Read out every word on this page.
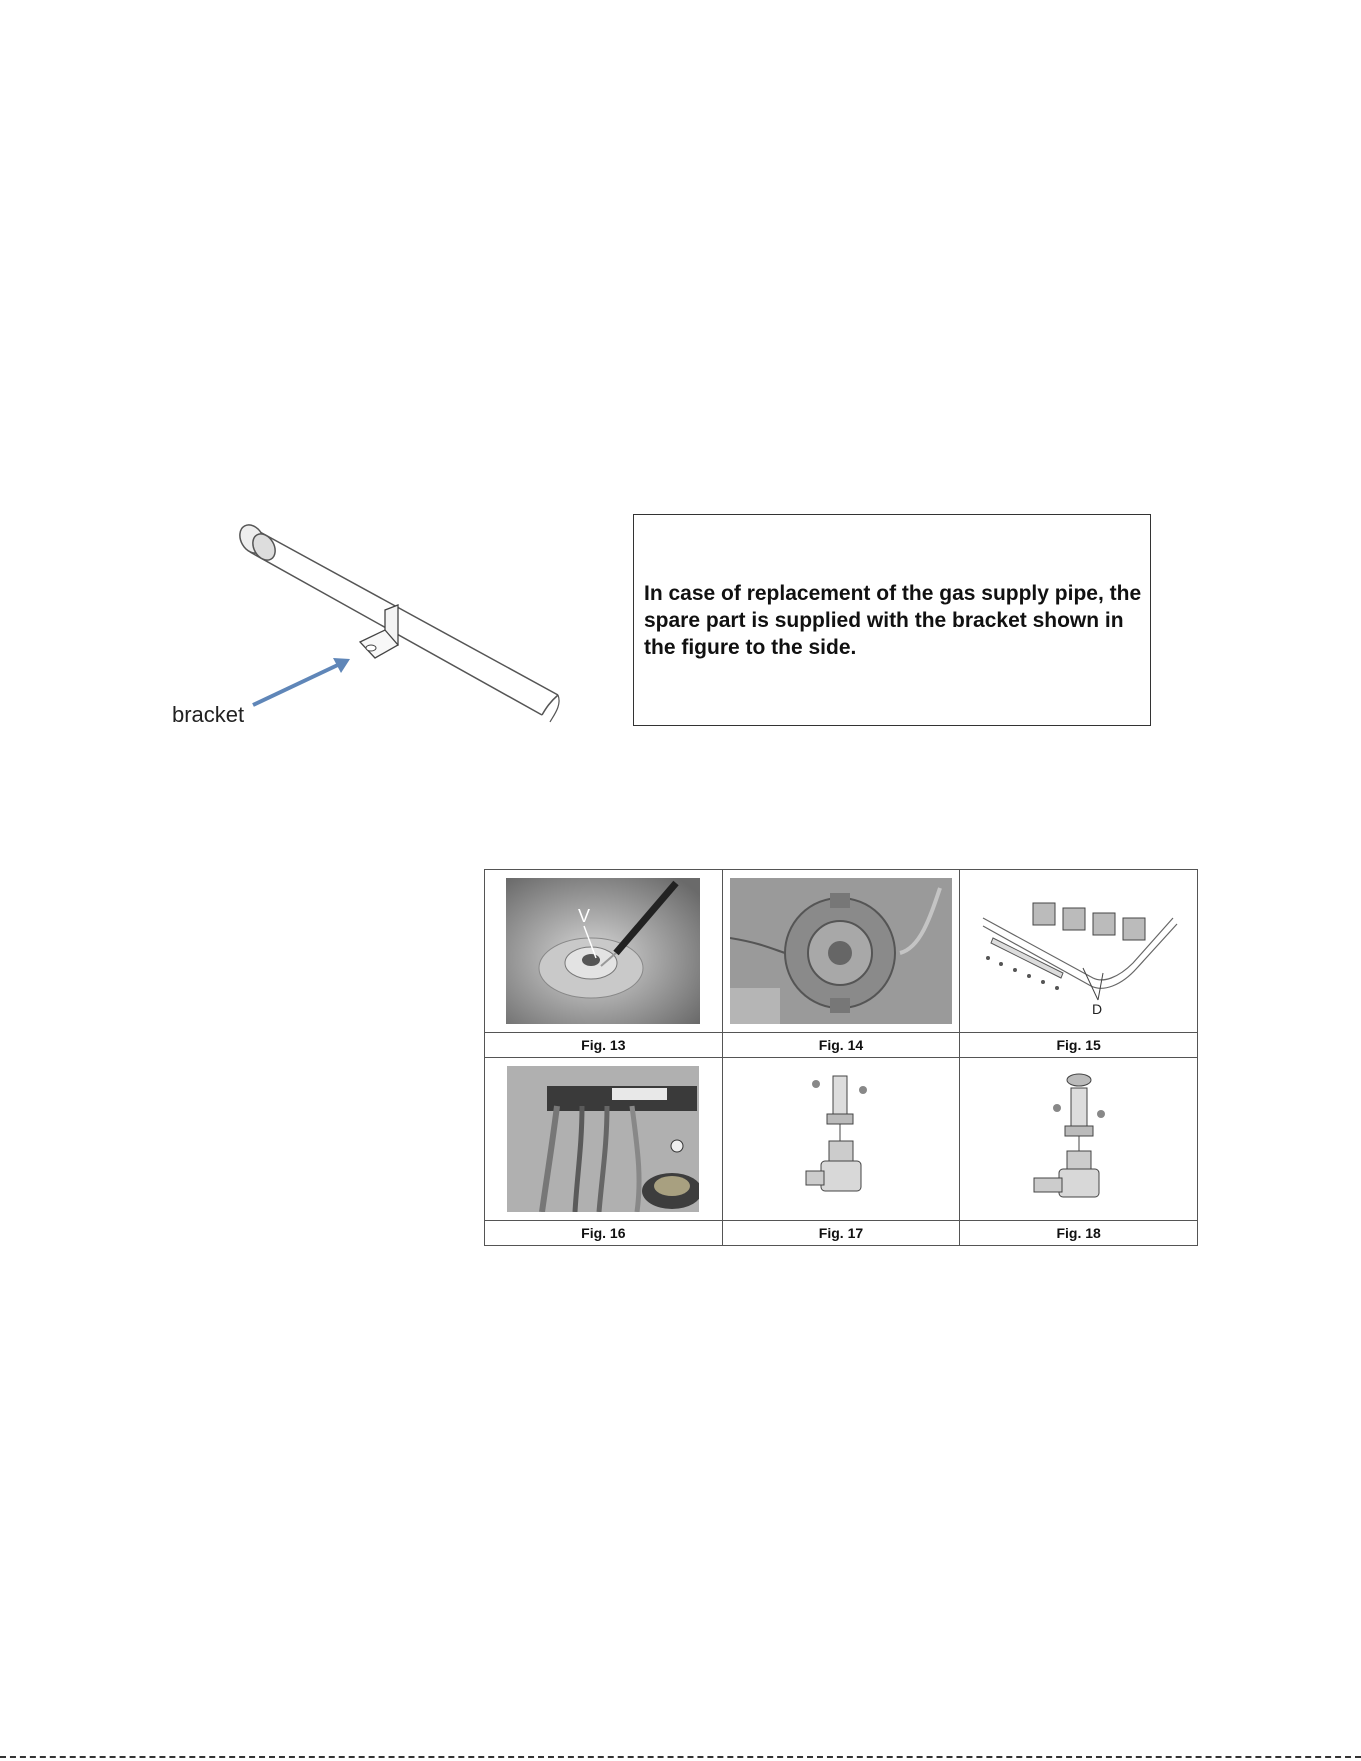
bracket
In case of replacement of the gas supply pipe, the spare part is supplied with the bracket shown in the figure to the side.
V		D

Fig. 13	Fig. 14	Fig. 15

Fig. 16	Fig. 17	Fig. 18
